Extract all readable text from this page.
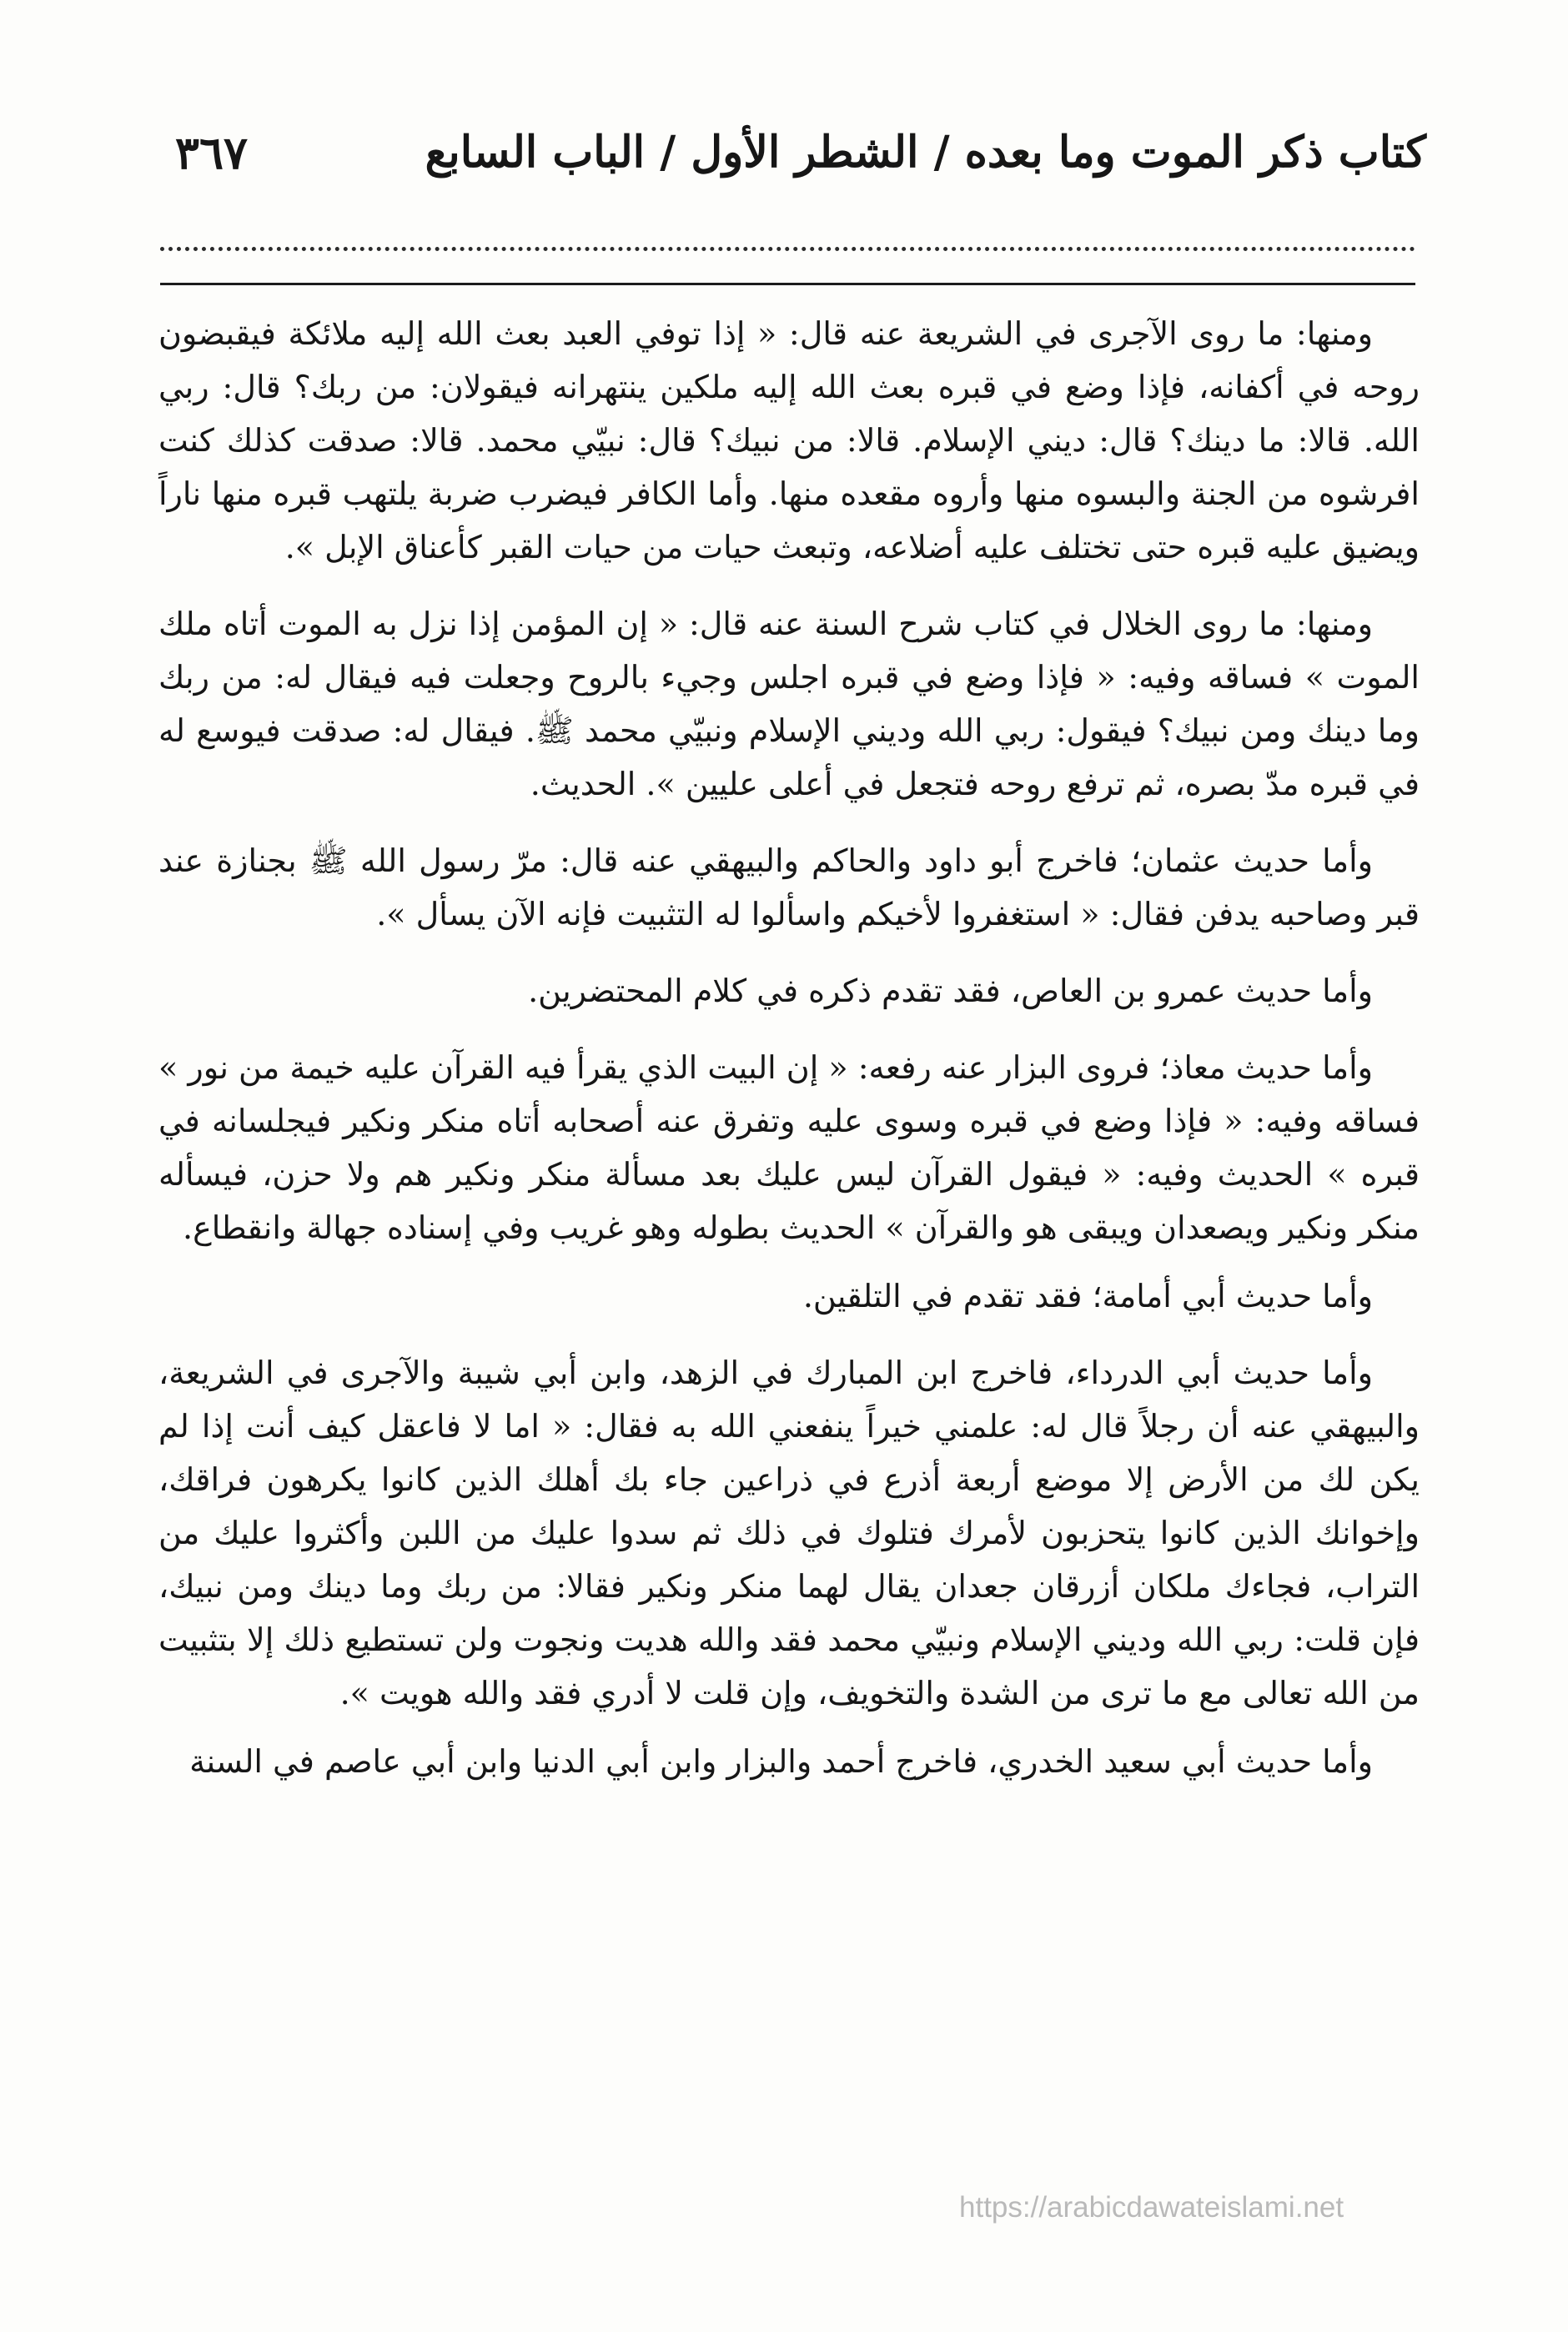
كتاب ذكر الموت وما بعده / الشطر الأول / الباب السابع
٣٦٧

ومنها: ما روى الآجرى في الشريعة عنه قال: « إذا توفي العبد بعث الله إليه ملائكة فيقبضون روحه في أكفانه، فإذا وضع في قبره بعث الله إليه ملكين ينتهرانه فيقولان: من ربك؟ قال: ربي الله. قالا: ما دينك؟ قال: ديني الإسلام. قالا: من نبيك؟ قال: نبيّي محمد. قالا: صدقت كذلك كنت افرشوه من الجنة والبسوه منها وأروه مقعده منها. وأما الكافر فيضرب ضربة يلتهب قبره منها ناراً ويضيق عليه قبره حتى تختلف عليه أضلاعه، وتبعث حيات من حيات القبر كأعناق الإبل ».

ومنها: ما روى الخلال في كتاب شرح السنة عنه قال: « إن المؤمن إذا نزل به الموت أتاه ملك الموت » فساقه وفيه: « فإذا وضع في قبره اجلس وجيء بالروح وجعلت فيه فيقال له: من ربك وما دينك ومن نبيك؟ فيقول: ربي الله وديني الإسلام ونبيّي محمد ﷺ. فيقال له: صدقت فيوسع له في قبره مدّ بصره، ثم ترفع روحه فتجعل في أعلى عليين ». الحديث.

وأما حديث عثمان؛ فاخرج أبو داود والحاكم والبيهقي عنه قال: مرّ رسول الله ﷺ بجنازة عند قبر وصاحبه يدفن فقال: « استغفروا لأخيكم واسألوا له التثبيت فإنه الآن يسأل ».

وأما حديث عمرو بن العاص، فقد تقدم ذكره في كلام المحتضرين.

وأما حديث معاذ؛ فروى البزار عنه رفعه: « إن البيت الذي يقرأ فيه القرآن عليه خيمة من نور » فساقه وفيه: « فإذا وضع في قبره وسوى عليه وتفرق عنه أصحابه أتاه منكر ونكير فيجلسانه في قبره » الحديث وفيه: « فيقول القرآن ليس عليك بعد مسألة منكر ونكير هم ولا حزن، فيسأله منكر ونكير ويصعدان ويبقى هو والقرآن » الحديث بطوله وهو غريب وفي إسناده جهالة وانقطاع.

وأما حديث أبي أمامة؛ فقد تقدم في التلقين.

وأما حديث أبي الدرداء، فاخرج ابن المبارك في الزهد، وابن أبي شيبة والآجرى في الشريعة، والبيهقي عنه أن رجلاً قال له: علمني خيراً ينفعني الله به فقال: « اما لا فاعقل كيف أنت إذا لم يكن لك من الأرض إلا موضع أربعة أذرع في ذراعين جاء بك أهلك الذين كانوا يكرهون فراقك، وإخوانك الذين كانوا يتحزبون لأمرك فتلوك في ذلك ثم سدوا عليك من اللبن وأكثروا عليك من التراب، فجاءك ملكان أزرقان جعدان يقال لهما منكر ونكير فقالا: من ربك وما دينك ومن نبيك، فإن قلت: ربي الله وديني الإسلام ونبيّي محمد فقد والله هديت ونجوت ولن تستطيع ذلك إلا بتثبيت من الله تعالى مع ما ترى من الشدة والتخويف، وإن قلت لا أدري فقد والله هويت ».

وأما حديث أبي سعيد الخدري، فاخرج أحمد والبزار وابن أبي الدنيا وابن أبي عاصم في السنة

https://arabicdawateislami.net
